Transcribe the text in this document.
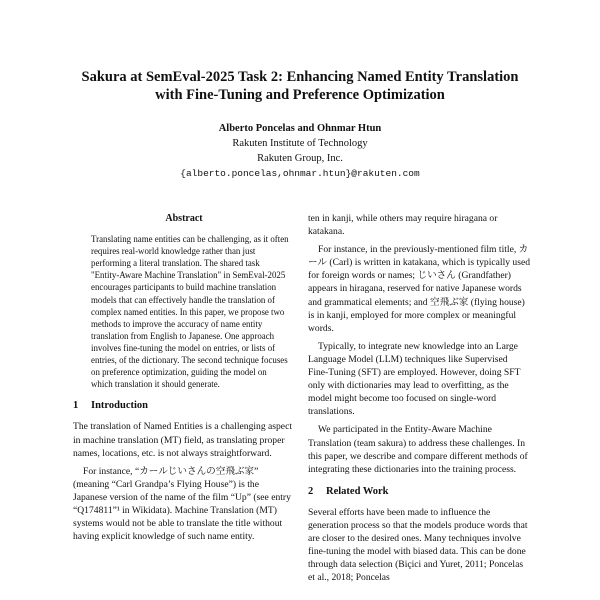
Sakura at SemEval-2025 Task 2: Enhancing Named Entity Translation
with Fine-Tuning and Preference Optimization
Alberto Poncelas and Ohnmar Htun
Rakuten Institute of Technology
Rakuten Group, Inc.
{alberto.poncelas,ohnmar.htun}@rakuten.com
Abstract

Translating name entities can be challenging, as it often requires real-world knowledge rather than just performing a literal translation. The shared task "Entity-Aware Machine Translation" in SemEval-2025 encourages participants to build machine translation models that can effectively handle the translation of complex named entities. In this paper, we propose two methods to improve the accuracy of name entity translation from English to Japanese. One approach involves fine-tuning the model on entries, or lists of entries, of the dictionary. The second technique focuses on preference optimization, guiding the model on which translation it should generate.

1 Introduction

The translation of Named Entities is a challenging aspect in machine translation (MT) field, as translating proper names, locations, etc. is not always straightforward.

For instance, “カールじいさんの空飛ぶ家” (meaning “Carl Grandpa’s Flying House”) is the Japanese version of the name of the film “Up” (see entry “Q174811”¹ in Wikidata). Machine Translation (MT) systems would not be able to translate the title without having explicit knowledge of such name entity.

ten in kanji, while others may require hiragana or katakana.

For instance, in the previously-mentioned film title, カール (Carl) is written in katakana, which is typically used for foreign words or names; じいさん (Grandfather) appears in hiragana, reserved for native Japanese words and grammatical elements; and 空飛ぶ家 (flying house) is in kanji, employed for more complex or meaningful words.

Typically, to integrate new knowledge into an Large Language Model (LLM) techniques like Supervised Fine-Tuning (SFT) are employed. However, doing SFT only with dictionaries may lead to overfitting, as the model might become too focused on single-word translations.

We participated in the Entity-Aware Machine Translation (team sakura) to address these challenges. In this paper, we describe and compare different methods of integrating these dictionaries into the training process.

2 Related Work

Several efforts have been made to influence the generation process so that the models produce words that are closer to the desired ones. Many techniques involve fine-tuning the model with biased data. This can be done through data selection (Biçici and Yuret, 2011; Poncelas et al., 2018; Poncelas
